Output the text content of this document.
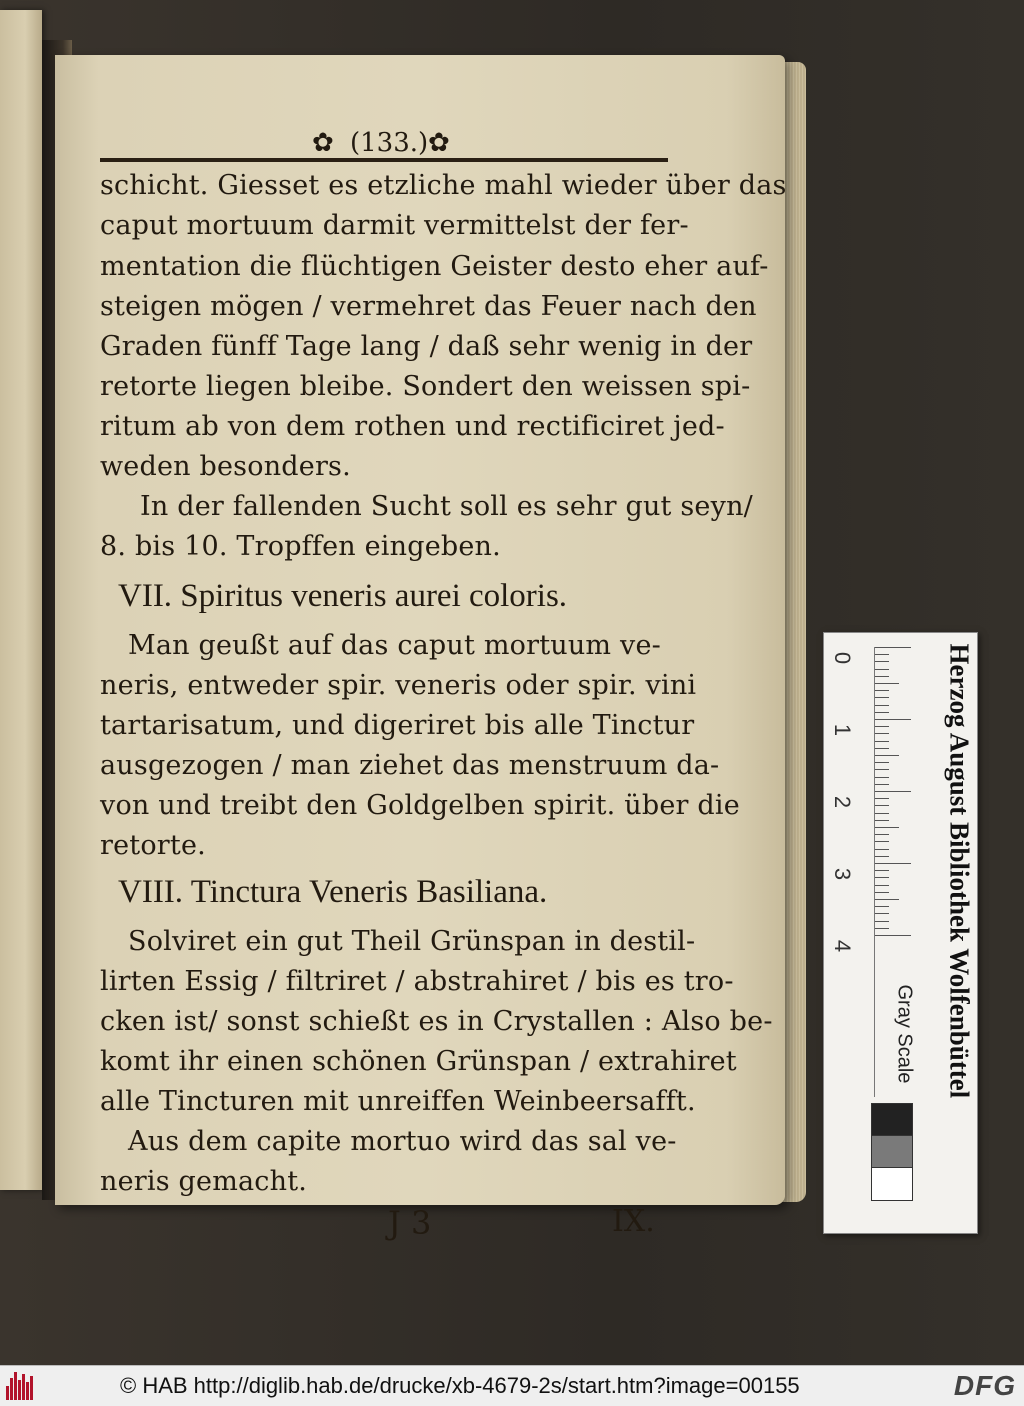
✿ (133.) ✿
schicht. Giesset es etzliche mahl wieder über das
caput mortuum darmit vermittelst der fer-
mentation die flüchtigen Geister desto eher auf-
steigen mögen / vermehret das Feuer nach den
Graden fünff Tage lang / daß sehr wenig in der
retorte liegen bleibe. Sondert den weissen spi-
ritum ab von dem rothen und rectificiret jed-
weden besonders.
In der fallenden Sucht soll es sehr gut seyn/
8. bis 10. Tropffen eingeben.
VII. Spiritus veneris aurei coloris.
Man geußt auf das caput mortuum ve-
neris, entweder spir. veneris oder spir. vini
tartarisatum, und digeriret bis alle Tinctur
ausgezogen / man ziehet das menstruum da-
von und treibt den Goldgelben spirit. über die
retorte.
VIII. Tinctura Veneris Basiliana.
Solviret ein gut Theil Grünspan in destil-
lirten Essig / filtriret / abstrahiret / bis es tro-
cken ist/ sonst schießt es in Crystallen : Also be-
komt ihr einen schönen Grünspan / extrahiret
alle Tincturen mit unreiffen Weinbeersafft.
Aus dem capite mortuo wird das sal ve-
neris gemacht.
J 3	IX.
0
1
2
3
4
Gray Scale Herzog August Bibliothek Wolfenbüttel
© HAB http://diglib.hab.de/drucke/xb-4679-2s/start.htm?image=00155	DFG
